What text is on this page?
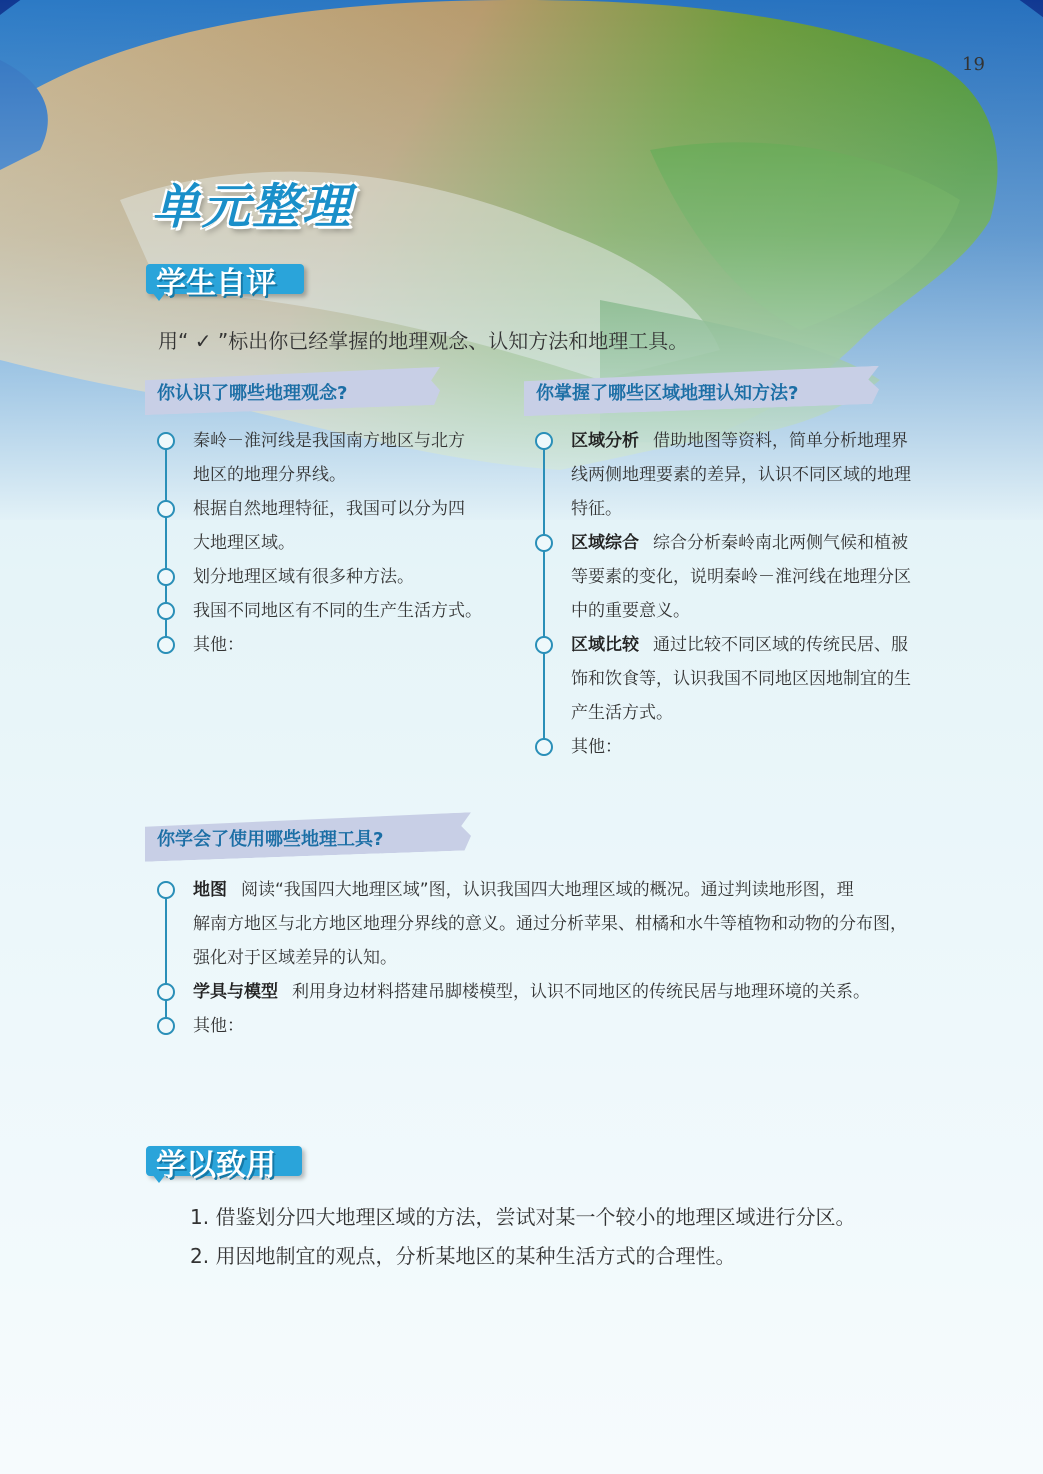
19
单元整理
学生自评
用“ ✓ ”标出你已经掌握的地理观念、认知方法和地理工具。
你认识了哪些地理观念?
秦岭－淮河线是我国南方地区与北方
地区的地理分界线。
根据自然地理特征，我国可以分为四
大地理区域。
划分地理区域有很多种方法。
我国不同地区有不同的生产生活方式。
其他：
你掌握了哪些区域地理认知方法?
区域分析 借助地图等资料，简单分析地理界
线两侧地理要素的差异，认识不同区域的地理
特征。
区域综合 综合分析秦岭南北两侧气候和植被
等要素的变化，说明秦岭－淮河线在地理分区
中的重要意义。
区域比较 通过比较不同区域的传统民居、服
饰和饮食等，认识我国不同地区因地制宜的生
产生活方式。
其他：
你学会了使用哪些地理工具?
地图 阅读“我国四大地理区域”图，认识我国四大地理区域的概况。通过判读地形图，理
解南方地区与北方地区地理分界线的意义。通过分析苹果、柑橘和水牛等植物和动物的分布图，
强化对于区域差异的认知。
学具与模型 利用身边材料搭建吊脚楼模型，认识不同地区的传统民居与地理环境的关系。
其他：
学以致用
1. 借鉴划分四大地理区域的方法，尝试对某一个较小的地理区域进行分区。
2. 用因地制宜的观点，分析某地区的某种生活方式的合理性。
